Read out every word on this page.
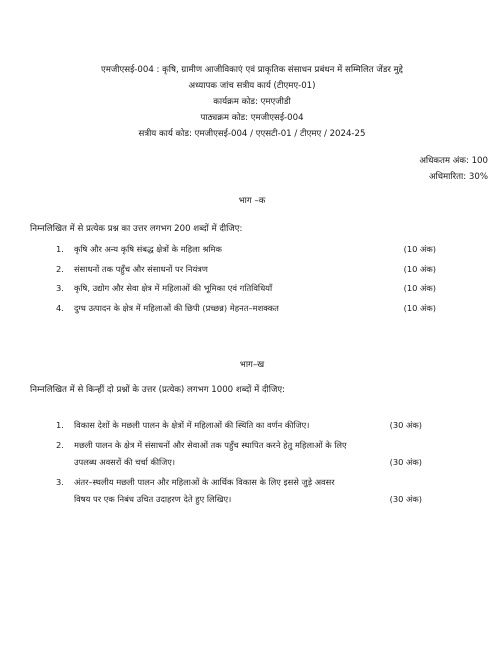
एमजीएसई-004 : कृषि, ग्रामीण आजीविकाएं एवं प्राकृतिक संसाधन प्रबंधन में सम्मिलित जेंडर मुद्दे
अध्यापक जांच सत्रीय कार्य (टीएमए-01)
कार्यक्रम कोड: एमएजीडी
पाठ्यक्रम कोड: एमजीएसई-004
सत्रीय कार्य कोड: एमजीएसई-004 / एएसटी-01 / टीएमए / 2024-25
अधिकतम अंक: 100
अधिमारिता: 30%
भाग –क
निम्नलिखित में से प्रत्येक प्रश्न का उत्तर लगभग 200 शब्दों में दीजिए:
1.	कृषि और अन्य कृषि संबद्ध क्षेत्रों के महिला श्रमिक	(10 अंक)
2.	संसाधनों तक पहुँच और संसाधनों पर नियंत्रण	(10 अंक)
3.	कृषि, उद्योग और सेवा क्षेत्र में महिलाओं की भूमिका एवं गतिविधियाँ	(10 अंक)
4.	दुग्ध उत्पादन के क्षेत्र में महिलाओं की छिपी (प्रच्छन्न) मेहनत–मशक्कत	(10 अंक)
भाग–ख
निम्नलिखित में से किन्हीं दो प्रश्नों के उत्तर (प्रत्येक) लगभग 1000 शब्दों में दीजिए:
1.	विकास देशों के मछली पालन के क्षेत्रों में महिलाओं की स्थिति का वर्णन कीजिए।	(30 अंक)
2.	मछली पालन के क्षेत्र में संसाधनों और सेवाओं तक पहुँच स्थापित करने हेतु महिलाओं के लिए उपलब्ध अवसरों की चर्चा कीजिए।	(30 अंक)
3.	अंतर–स्थलीय मछली पालन और महिलाओं के आर्थिक विकास के लिए इससे जुड़े अवसर विषय पर एक निबंध उचित उदाहरण देते हुए लिखिए।	(30 अंक)
